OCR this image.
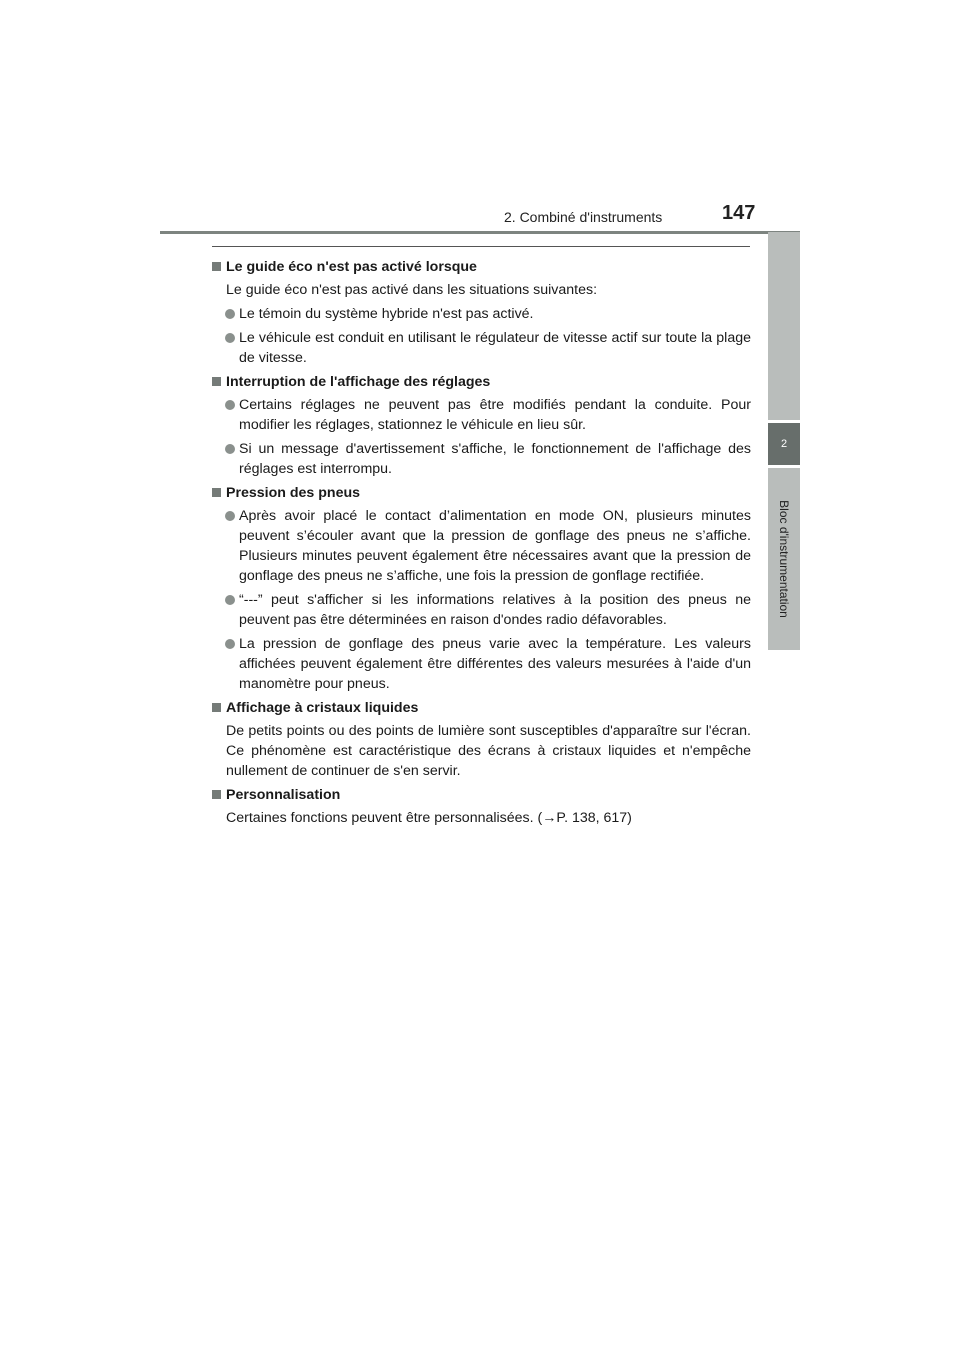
2. Combiné d'instruments	147
2
Bloc d'instrumentation
Le guide éco n'est pas activé lorsque
Le guide éco n'est pas activé dans les situations suivantes:
Le témoin du système hybride n'est pas activé.
Le véhicule est conduit en utilisant le régulateur de vitesse actif sur toute la plage de vitesse.
Interruption de l'affichage des réglages
Certains réglages ne peuvent pas être modifiés pendant la conduite. Pour modifier les réglages, stationnez le véhicule en lieu sûr.
Si un message d'avertissement s'affiche, le fonctionnement de l'affichage des réglages est interrompu.
Pression des pneus
Après avoir placé le contact d’alimentation en mode ON, plusieurs minutes peuvent s’écouler avant que la pression de gonflage des pneus ne s’affiche. Plusieurs minutes peuvent également être nécessaires avant que la pression de gonflage des pneus ne s’affiche, une fois la pression de gonflage rectifiée.
“---” peut s'afficher si les informations relatives à la position des pneus ne peuvent pas être déterminées en raison d'ondes radio défavorables.
La pression de gonflage des pneus varie avec la température. Les valeurs affichées peuvent également être différentes des valeurs mesurées à l'aide d'un manomètre pour pneus.
Affichage à cristaux liquides
De petits points ou des points de lumière sont susceptibles d'apparaître sur l'écran. Ce phénomène est caractéristique des écrans à cristaux liquides et n'empêche nullement de continuer de s'en servir.
Personnalisation
Certaines fonctions peuvent être personnalisées. (→P. 138, 617)
